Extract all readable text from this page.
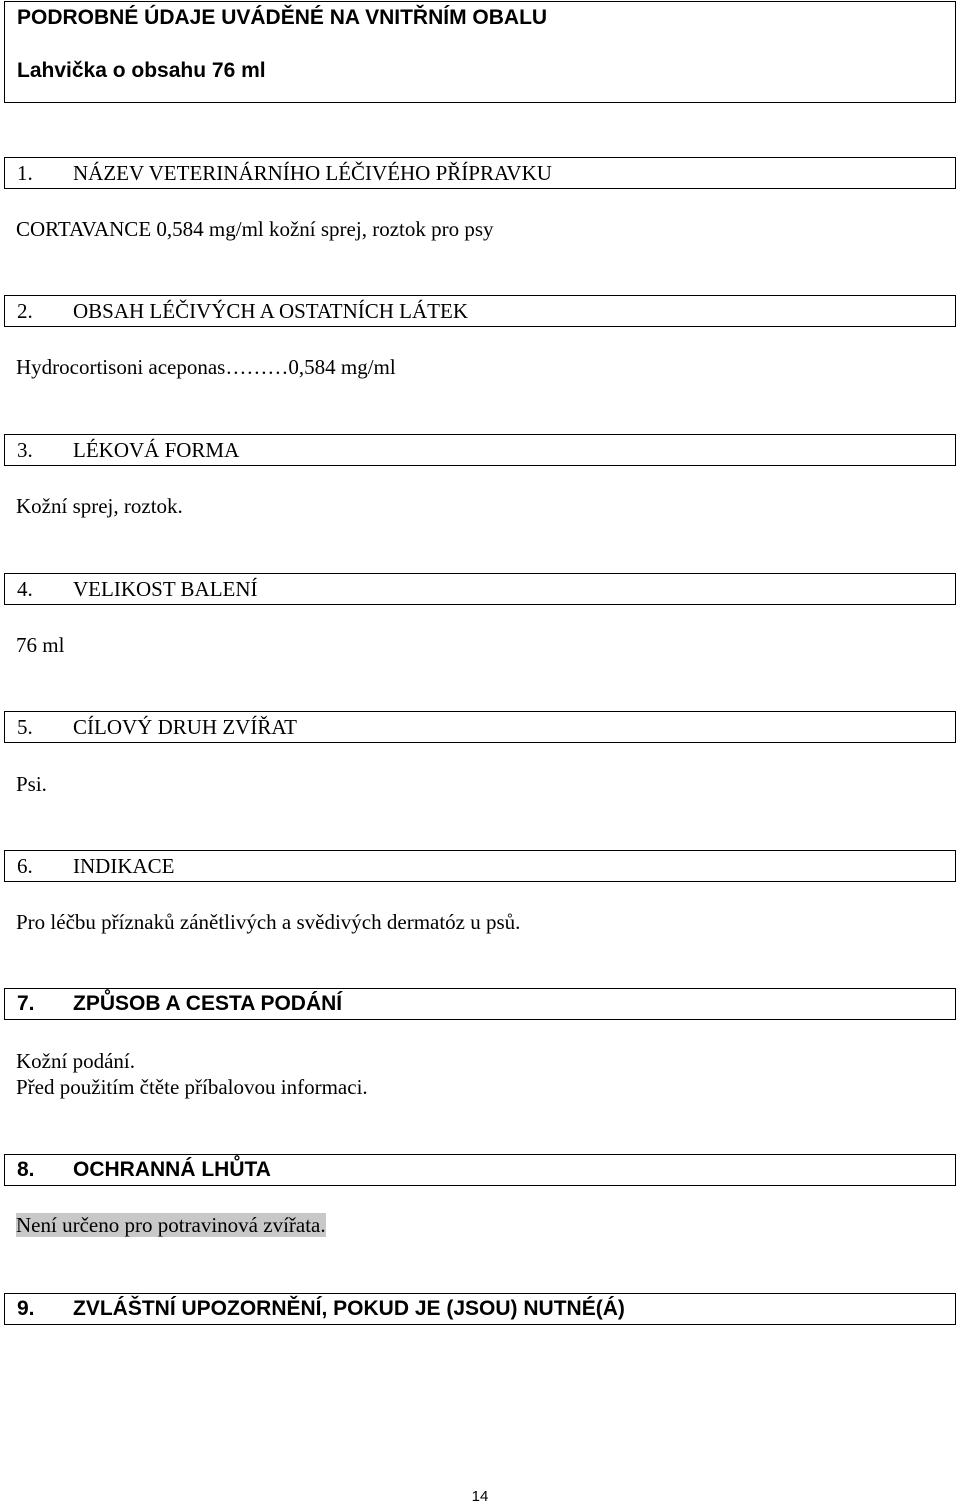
PODROBNÉ ÚDAJE UVÁDĚNÉ NA VNITŘNÍM OBALU
Lahvička o obsahu 76 ml
1. NÁZEV VETERINÁRNÍHO LÉČIVÉHO PŘÍPRAVKU
CORTAVANCE 0,584 mg/ml kožní sprej, roztok pro psy
2. OBSAH LÉČIVÝCH A OSTATNÍCH LÁTEK
Hydrocortisoni aceponas………0,584 mg/ml
3. LÉKOVÁ FORMA
Kožní sprej, roztok.
4. VELIKOST BALENÍ
76 ml
5. CÍLOVÝ DRUH ZVÍŘAT
Psi.
6. INDIKACE
Pro léčbu příznaků zánětlivých a svědivých dermatóz u psů.
7. ZPŮSOB A CESTA PODÁNÍ
Kožní podání.
Před použitím čtěte příbalovou informaci.
8. OCHRANNÁ LHŮTA
Není určeno pro potravinová zvířata.
9. ZVLÁŠTNÍ UPOZORNĚNÍ, POKUD JE (JSOU) NUTNÉ(Á)
14
